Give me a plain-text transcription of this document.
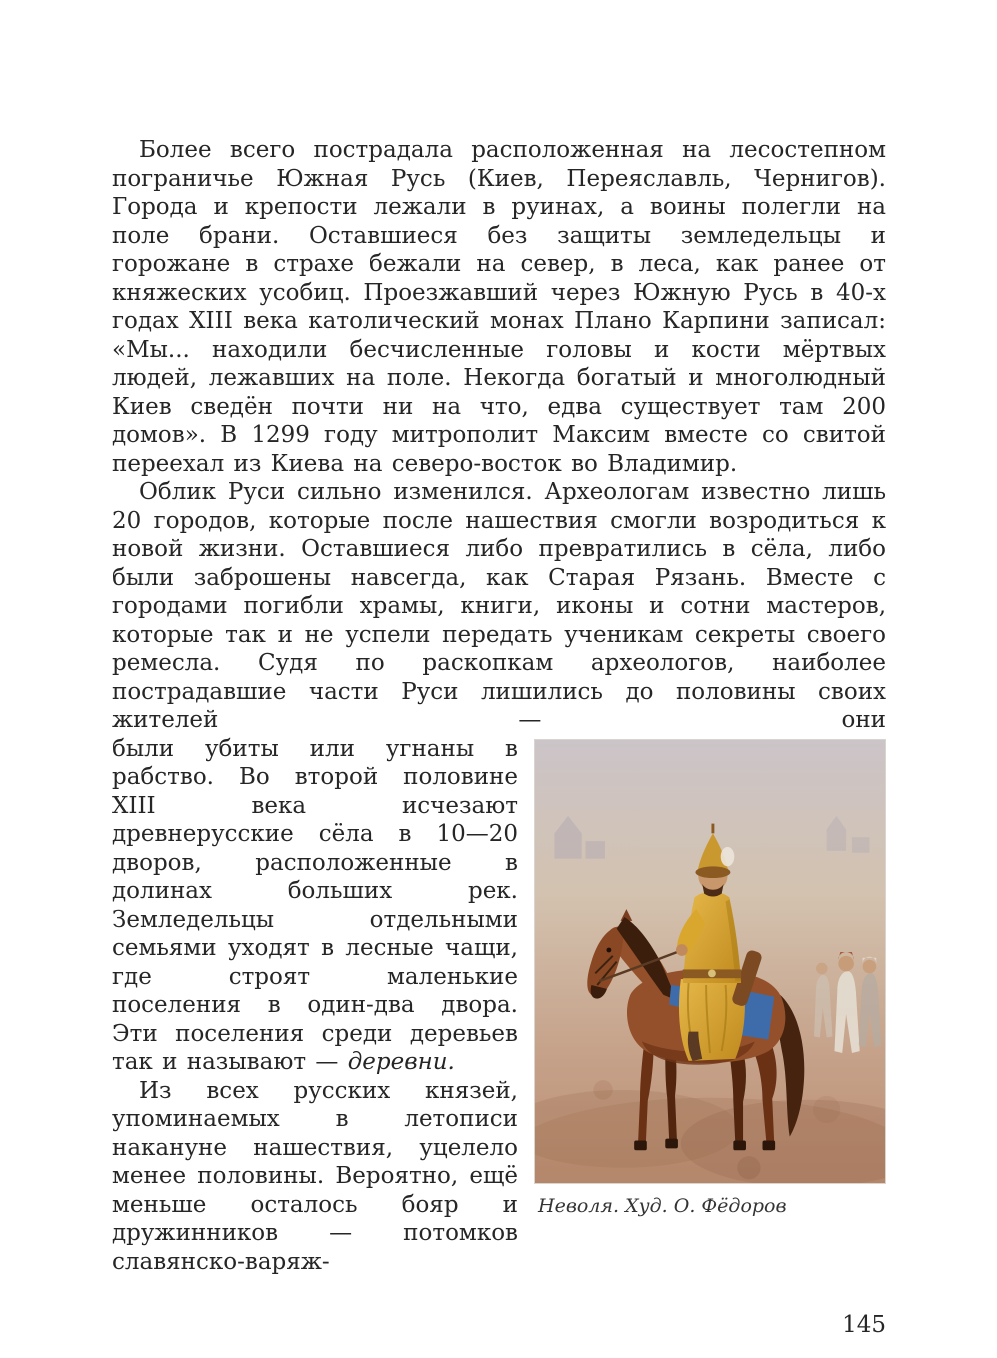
Более всего пострадала расположенная на лесостепном пограничье Южная Русь (Киев, Переяславль, Чернигов). Города и крепости лежали в руинах, а воины полегли на поле брани. Оставшиеся без защиты земледельцы и горожане в страхе бежали на север, в леса, как ранее от княжеских усобиц. Проезжавший через Южную Русь в 40-х годах XIII века католический монах Плано Карпини записал: «Мы... находили бесчисленные головы и кости мёртвых людей, лежавших на поле. Некогда богатый и многолюдный Киев сведён почти ни на что, едва существует там 200 домов». В 1299 году митрополит Максим вместе со свитой переехал из Киева на северо-восток во Владимир.

Облик Руси сильно изменился. Археологам известно лишь 20 городов, которые после нашествия смогли возродиться к новой жизни. Оставшиеся либо превратились в сёла, либо были заброшены навсегда, как Старая Рязань. Вместе с городами погибли храмы, книги, иконы и сотни мастеров, которые так и не успели передать ученикам секреты своего ремесла. Судя по раскопкам археологов, наиболее пострадавшие части Руси лишились до половины своих жителей — они

были убиты или угнаны в рабство. Во второй половине XIII века исчезают древнерусские сёла в 10—20 дворов, расположенные в долинах больших рек. Земледельцы отдельными семьями уходят в лесные чащи, где строят маленькие поселения в один-два двора. Эти поселения среди деревьев так и называют — деревни.

Из всех русских князей, упоминаемых в летописи накануне нашествия, уцелело менее половины. Вероятно, ещё меньше осталось бояр и дружинников — потомков славянско-варяж-

Неволя. Худ. О. Фёдоров
145
